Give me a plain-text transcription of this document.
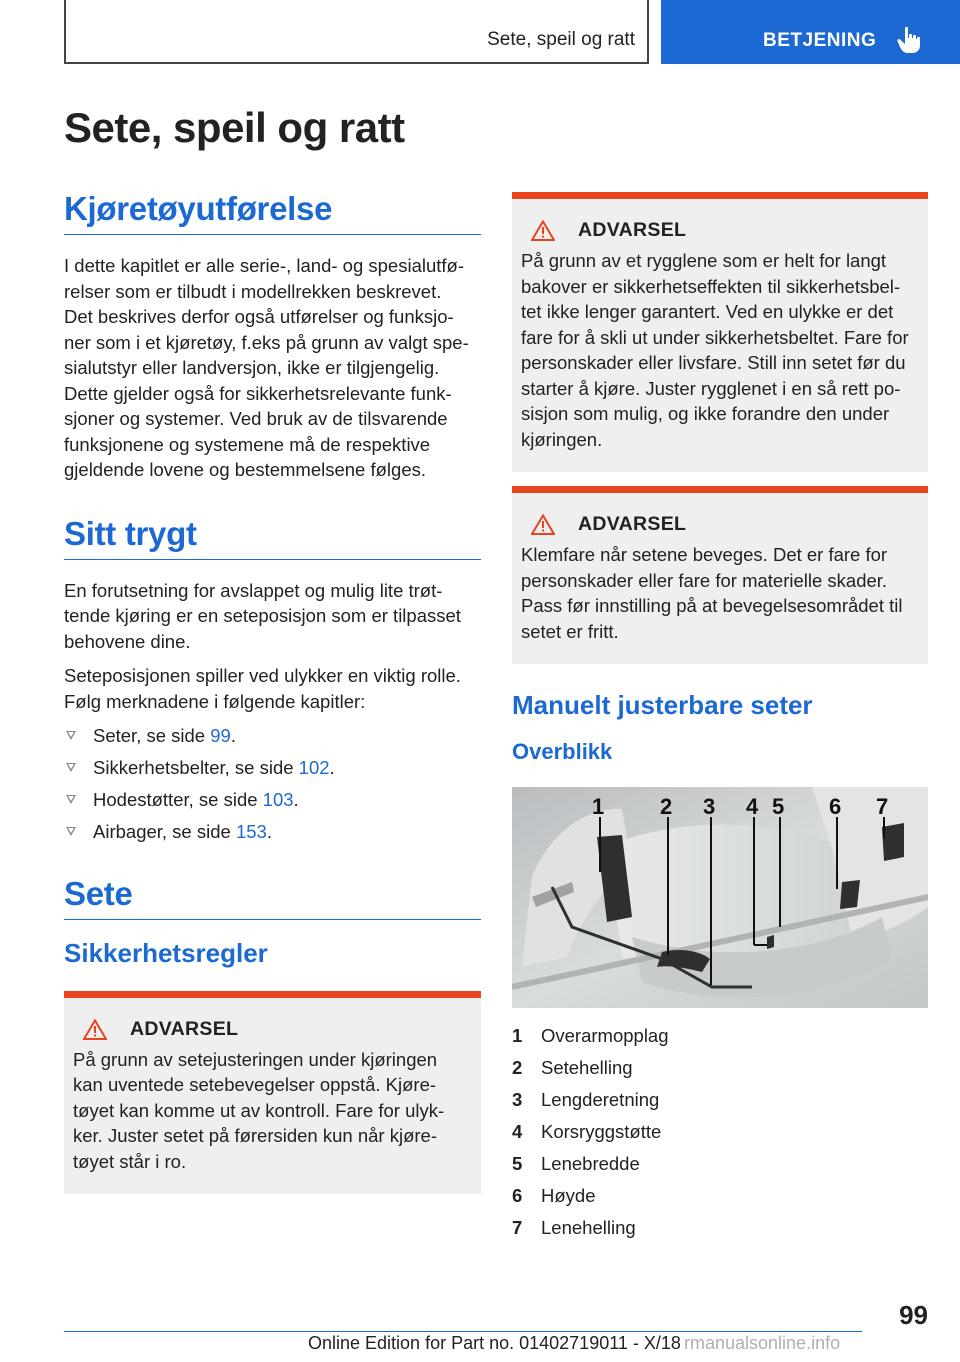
Sete, speil og ratt	BETJENING
Sete, speil og ratt
Kjøretøyutførelse

I dette kapitlet er alle serie-, land- og spesialutfø-
relser som er tilbudt i modellrekken beskrevet.
Det beskrives derfor også utførelser og funksjo-
ner som i et kjøretøy, f.eks på grunn av valgt spe-
sialutstyr eller landversjon, ikke er tilgjengelig.
Dette gjelder også for sikkerhetsrelevante funk-
sjoner og systemer. Ved bruk av de tilsvarende
funksjonene og systemene må de respektive
gjeldende lovene og bestemmelsene følges.

Sitt trygt

En forutsetning for avslappet og mulig lite trøt-
tende kjøring er en seteposisjon som er tilpasset
behovene dine.

Seteposisjonen spiller ved ulykker en viktig rolle.
Følg merknadene i følgende kapitler:

Seter, se side 99.
Sikkerhetsbelter, se side 102.
Hodestøtter, se side 103.
Airbager, se side 153.
Sete
Sikkerhetsregler
ADVARSEL

På grunn av setejusteringen under kjøringen
kan uventede setebevegelser oppstå. Kjøre-
tøyet kan komme ut av kontroll. Fare for ulyk-
ker. Juster setet på førersiden kun når kjøre-
tøyet står i ro.

ADVARSEL

På grunn av et rygglene som er helt for langt
bakover er sikkerhetseffekten til sikkerhetsbel-
tet ikke lenger garantert. Ved en ulykke er det
fare for å skli ut under sikkerhetsbeltet. Fare for
personskader eller livsfare. Still inn setet før du
starter å kjøre. Juster rygglenet i en så rett po-
sisjon som mulig, og ikke forandre den under
kjøringen.

ADVARSEL

Klemfare når setene beveges. Det er fare for
personskader eller fare for materielle skader.
Pass før innstilling på at bevegelsesområdet til
setet er fritt.

Manuelt justerbare seter
Overblikk
1	2 3 4 5 6 7
1	Overarmopplag
2	Setehelling
3	Lengderetning
4	Korsryggstøtte
5	Lenebredde
6	Høyde
7	Lenehelling
99
Online Edition for Part no. 01402719011 - X/18 rmanualsonline.info
